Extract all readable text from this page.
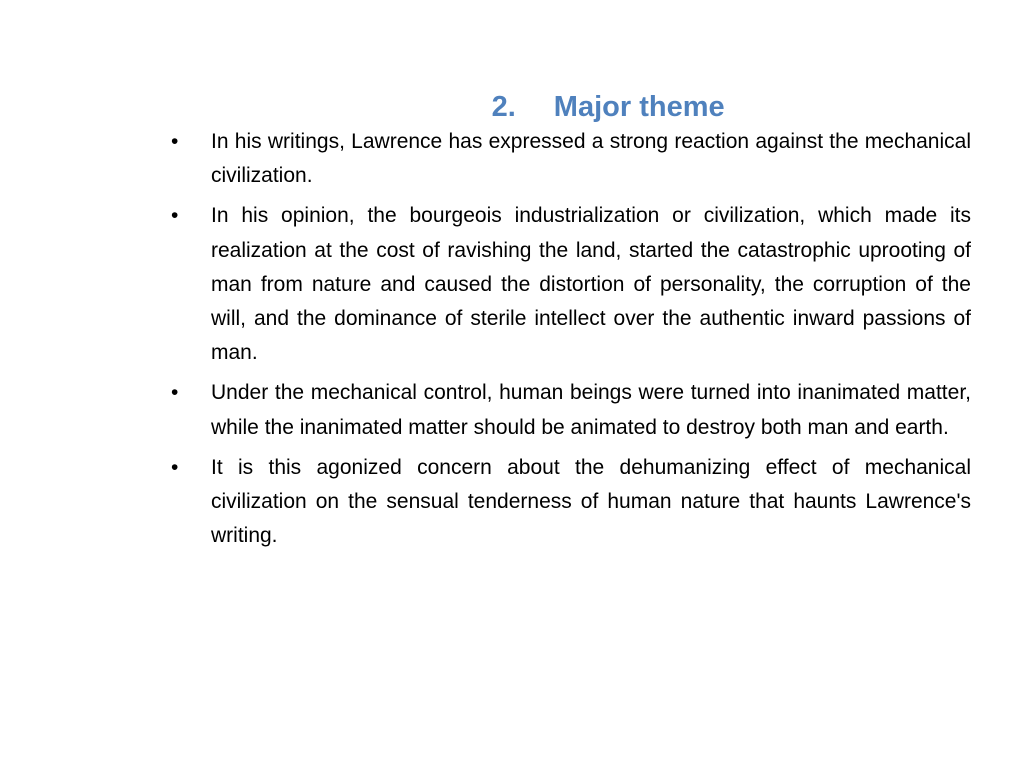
2. Major theme

• In his writings, Lawrence has expressed a strong reaction against the mechanical civilization.
• In his opinion, the bourgeois industrialization or civilization, which made its realization at the cost of ravishing the land, started the catastrophic uprooting of man from nature and caused the distortion of personality, the corruption of the will, and the dominance of sterile intellect over the authentic inward passions of man.
• Under the mechanical control, human beings were turned into inanimated matter, while the inanimated matter should be animated to destroy both man and earth.
• It is this agonized concern about the dehumanizing effect of mechanical civilization on the sensual tenderness of human nature that haunts Lawrence's writing.
